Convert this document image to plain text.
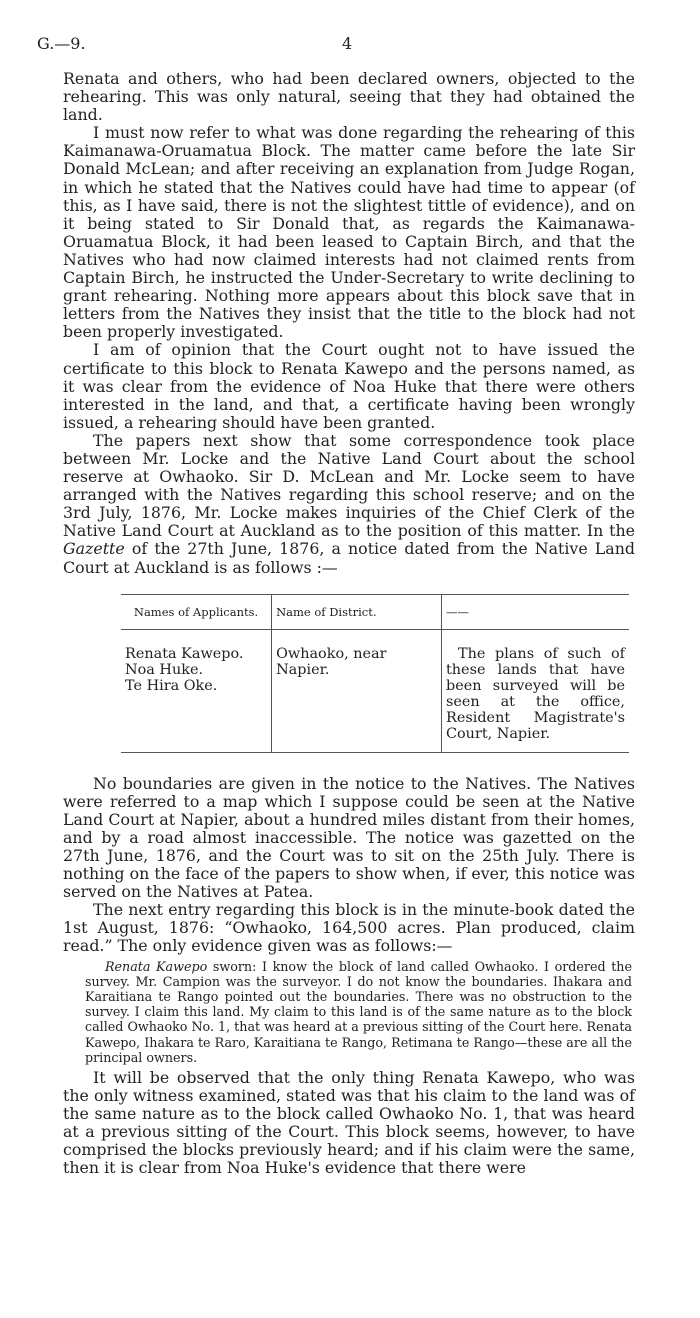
G.—9.	4

Renata and others, who had been declared owners, objected to the rehearing. This was only natural, seeing that they had obtained the land.

I must now refer to what was done regarding the rehearing of this Kaimanawa-Oruamatua Block. The matter came before the late Sir Donald McLean; and after receiving an explanation from Judge Rogan, in which he stated that the Natives could have had time to appear (of this, as I have said, there is not the slightest tittle of evidence), and on it being stated to Sir Donald that, as regards the Kaimanawa-Oruamatua Block, it had been leased to Captain Birch, and that the Natives who had now claimed interests had not claimed rents from Captain Birch, he instructed the Under-Secretary to write declining to grant rehearing. Nothing more appears about this block save that in letters from the Natives they insist that the title to the block had not been properly investigated.

I am of opinion that the Court ought not to have issued the certificate to this block to Renata Kawepo and the persons named, as it was clear from the evidence of Noa Huke that there were others interested in the land, and that, a certificate having been wrongly issued, a rehearing should have been granted.

The papers next show that some correspondence took place between Mr. Locke and the Native Land Court about the school reserve at Owhaoko. Sir D. McLean and Mr. Locke seem to have arranged with the Natives regarding this school reserve; and on the 3rd July, 1876, Mr. Locke makes inquiries of the Chief Clerk of the Native Land Court at Auckland as to the position of this matter. In the Gazette of the 27th June, 1876, a notice dated from the Native Land Court at Auckland is as follows :—

Names of Applicants.	Name of District.	——

Renata Kawepo.
Noa Huke.
Te Hira Oke.	Owhaoko, near Napier.	The plans of such of these lands that have been surveyed will be seen at the office, Resident Magistrate's Court, Napier.

No boundaries are given in the notice to the Natives. The Natives were referred to a map which I suppose could be seen at the Native Land Court at Napier, about a hundred miles distant from their homes, and by a road almost inaccessible. The notice was gazetted on the 27th June, 1876, and the Court was to sit on the 25th July. There is nothing on the face of the papers to show when, if ever, this notice was served on the Natives at Patea.

The next entry regarding this block is in the minute-book dated the 1st August, 1876: “Owhaoko, 164,500 acres. Plan produced, claim read.” The only evidence given was as follows:—

Renata Kawepo sworn: I know the block of land called Owhaoko. I ordered the survey. Mr. Campion was the surveyor. I do not know the boundaries. Ihakara and Karaitiana te Rango pointed out the boundaries. There was no obstruction to the survey. I claim this land. My claim to this land is of the same nature as to the block called Owhaoko No. 1, that was heard at a previous sitting of the Court here. Renata Kawepo, Ihakara te Raro, Karaitiana te Rango, Retimana te Rango—these are all the principal owners.

It will be observed that the only thing Renata Kawepo, who was the only witness examined, stated was that his claim to the land was of the same nature as to the block called Owhaoko No. 1, that was heard at a previous sitting of the Court. This block seems, however, to have comprised the blocks previously heard; and if his claim were the same, then it is clear from Noa Huke's evidence that there were
